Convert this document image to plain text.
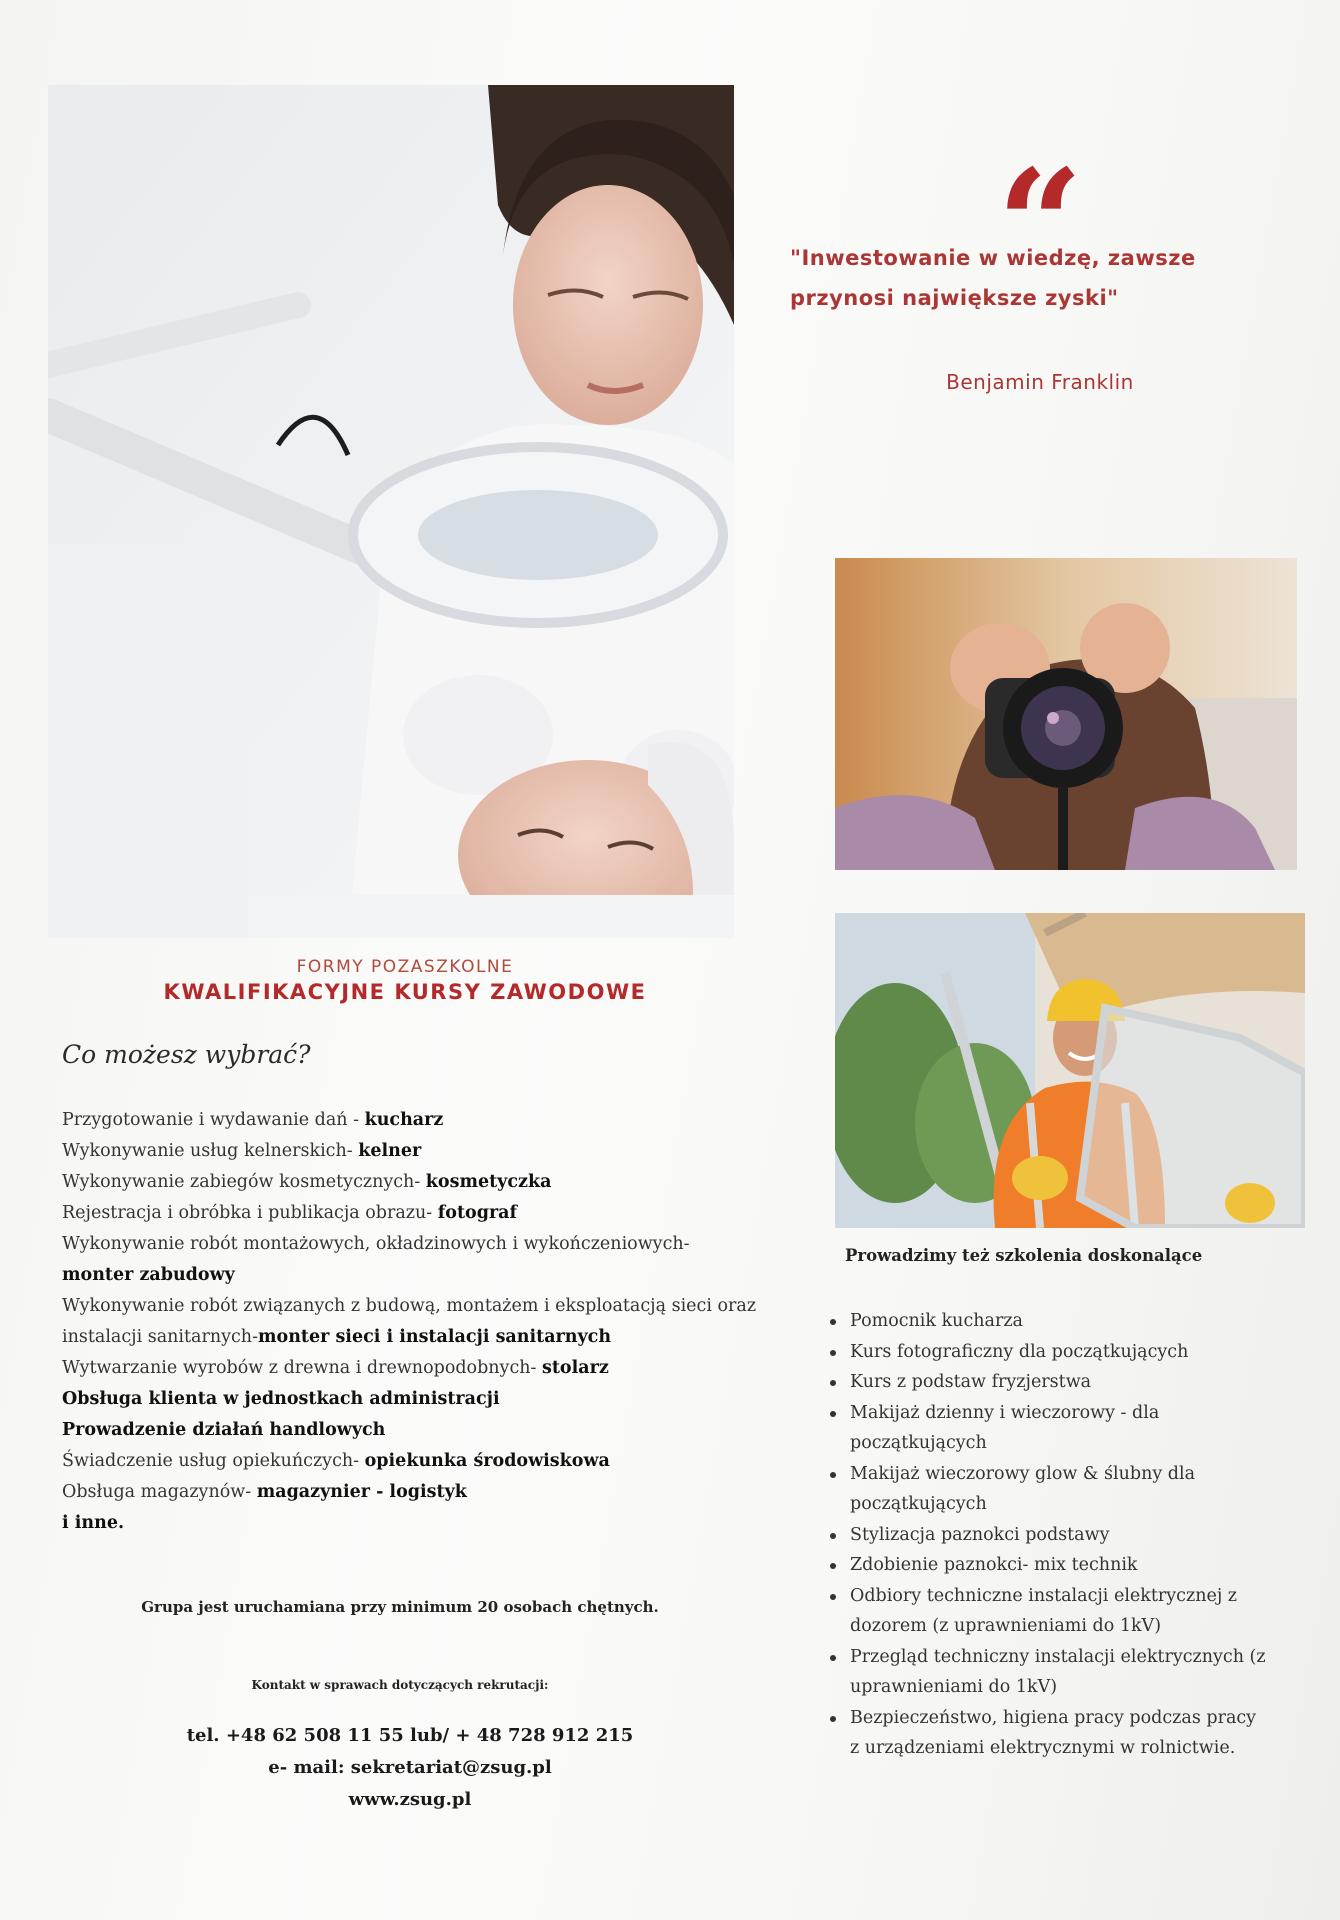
“
"Inwestowanie w wiedzę, zawsze przynosi największe zyski"
Benjamin Franklin
FORMY POZASZKOLNE
KWALIFIKACYJNE KURSY ZAWODOWE
Co możesz wybrać?
Przygotowanie i wydawanie dań - kucharz
Wykonywanie usług kelnerskich- kelner
Wykonywanie zabiegów kosmetycznych- kosmetyczka
Rejestracja i obróbka i publikacja obrazu- fotograf
Wykonywanie robót montażowych, okładzinowych i wykończeniowych- monter zabudowy
Wykonywanie robót związanych z budową, montażem i eksploatacją sieci oraz instalacji sanitarnych-monter sieci i instalacji sanitarnych
Wytwarzanie wyrobów z drewna i drewnopodobnych- stolarz
Obsługa klienta w jednostkach administracji
Prowadzenie działań handlowych
Świadczenie usług opiekuńczych- opiekunka środowiskowa
Obsługa magazynów- magazynier - logistyk
i inne.
Grupa jest uruchamiana przy minimum 20 osobach chętnych.
Kontakt w sprawach dotyczących rekrutacji:
tel. +48 62 508 11 55 lub/ + 48 728 912 215
e- mail: sekretariat@zsug.pl
www.zsug.pl
Prowadzimy też szkolenia doskonalące
Pomocnik kucharza
Kurs fotograficzny dla początkujących
Kurs z podstaw fryzjerstwa
Makijaż dzienny i wieczorowy - dla początkujących
Makijaż wieczorowy glow & ślubny dla początkujących
Stylizacja paznokci podstawy
Zdobienie paznokci- mix technik
Odbiory techniczne instalacji elektrycznej z dozorem (z uprawnieniami do 1kV)
Przegląd techniczny instalacji elektrycznych (z uprawnieniami do 1kV)
Bezpieczeństwo, higiena pracy podczas pracy z urządzeniami elektrycznymi w rolnictwie.
